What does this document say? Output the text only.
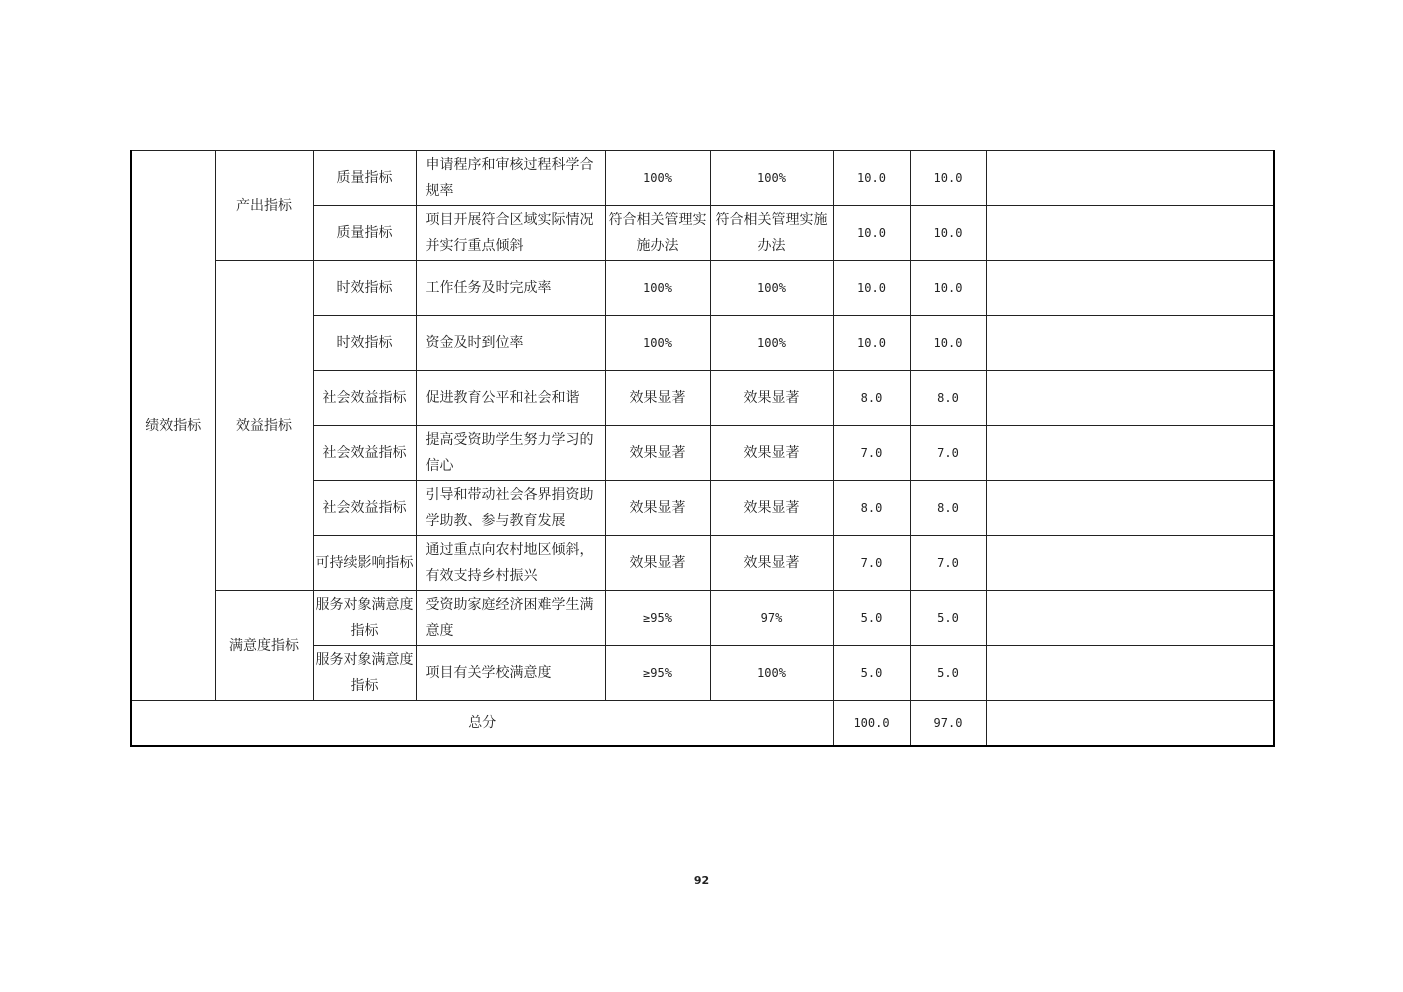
绩效指标	产出指标	质量指标	申请程序和审核过程科学合规率	100%	100%	10.0	10.0	
		质量指标	项目开展符合区域实际情况并实行重点倾斜	符合相关管理实施办法	符合相关管理实施办法	10.0	10.0	
	效益指标	时效指标	工作任务及时完成率	100%	100%	10.0	10.0	
		时效指标	资金及时到位率	100%	100%	10.0	10.0	
		社会效益指标	促进教育公平和社会和谐	效果显著	效果显著	8.0	8.0	
		社会效益指标	提高受资助学生努力学习的信心	效果显著	效果显著	7.0	7.0	
		社会效益指标	引导和带动社会各界捐资助学助教、参与教育发展	效果显著	效果显著	8.0	8.0	
		可持续影响指标	通过重点向农村地区倾斜，有效支持乡村振兴	效果显著	效果显著	7.0	7.0	
	满意度指标	服务对象满意度指标	受资助家庭经济困难学生满意度	≥95%	97%	5.0	5.0	
		服务对象满意度指标	项目有关学校满意度	≥95%	100%	5.0	5.0	
总分						100.0	97.0	
92
